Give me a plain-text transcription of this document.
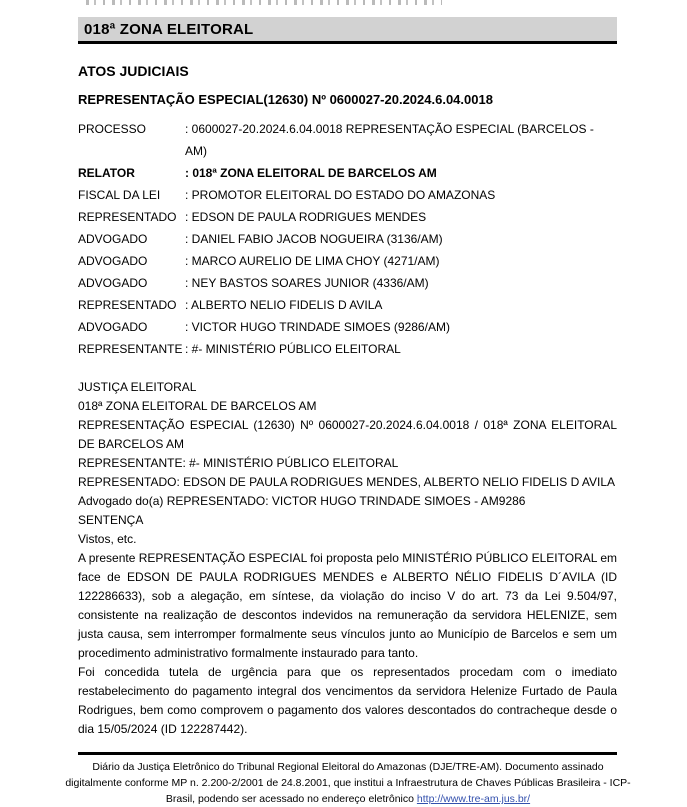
018ª ZONA ELEITORAL
ATOS JUDICIAIS
REPRESENTAÇÃO ESPECIAL(12630) Nº 0600027-20.2024.6.04.0018
PROCESSO	: 0600027-20.2024.6.04.0018 REPRESENTAÇÃO ESPECIAL (BARCELOS - AM)
RELATOR	: 018ª ZONA ELEITORAL DE BARCELOS AM
FISCAL DA LEI	: PROMOTOR ELEITORAL DO ESTADO DO AMAZONAS
REPRESENTADO : EDSON DE PAULA RODRIGUES MENDES
ADVOGADO	: DANIEL FABIO JACOB NOGUEIRA (3136/AM)
ADVOGADO	: MARCO AURELIO DE LIMA CHOY (4271/AM)
ADVOGADO	: NEY BASTOS SOARES JUNIOR (4336/AM)
REPRESENTADO : ALBERTO NELIO FIDELIS D AVILA
ADVOGADO	: VICTOR HUGO TRINDADE SIMOES (9286/AM)
REPRESENTANTE : #- MINISTÉRIO PÚBLICO ELEITORAL
JUSTIÇA ELEITORAL
018ª ZONA ELEITORAL DE BARCELOS AM
REPRESENTAÇÃO ESPECIAL (12630) Nº 0600027-20.2024.6.04.0018 / 018ª ZONA ELEITORAL DE BARCELOS AM
REPRESENTANTE: #- MINISTÉRIO PÚBLICO ELEITORAL
REPRESENTADO: EDSON DE PAULA RODRIGUES MENDES, ALBERTO NELIO FIDELIS D AVILA
Advogado do(a) REPRESENTADO: VICTOR HUGO TRINDADE SIMOES - AM9286
SENTENÇA
Vistos, etc.
A presente REPRESENTAÇÃO ESPECIAL foi proposta pelo MINISTÉRIO PÚBLICO ELEITORAL em face de EDSON DE PAULA RODRIGUES MENDES e ALBERTO NÉLIO FIDELIS D´AVILA (ID 122286633), sob a alegação, em síntese, da violação do inciso V do art. 73 da Lei 9.504/97, consistente na realização de descontos indevidos na remuneração da servidora HELENIZE, sem justa causa, sem interromper formalmente seus vínculos junto ao Município de Barcelos e sem um procedimento administrativo formalmente instaurado para tanto.
Foi concedida tutela de urgência para que os representados procedam com o imediato restabelecimento do pagamento integral dos vencimentos da servidora Helenize Furtado de Paula Rodrigues, bem como comprovem o pagamento dos valores descontados do contracheque desde o dia 15/05/2024 (ID 122287442).
Diário da Justiça Eletrônico do Tribunal Regional Eleitoral do Amazonas (DJE/TRE-AM). Documento assinado digitalmente conforme MP n. 2.200-2/2001 de 24.8.2001, que institui a Infraestrutura de Chaves Públicas Brasileira - ICP-Brasil, podendo ser acessado no endereço eletrônico http://www.tre-am.jus.br/
